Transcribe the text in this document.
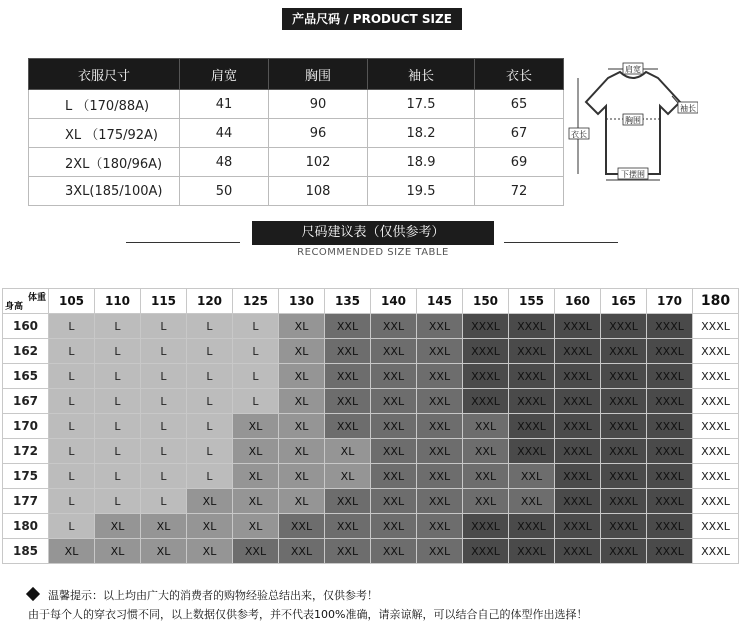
产品尺码 / PRODUCT SIZE
衣服尺寸	肩宽	胸围	袖长	衣长
L （170/88A)	41	90	17.5	65
XL （175/92A)	44	96	18.2	67
2XL（180/96A)	48	102	18.9	69
3XL(185/100A)	50	108	19.5	72
肩宽
袖长
胸围
衣长
下摆围
尺码建议表（仅供参考）
RECOMMENDED SIZE TABLE
体重
身高	105	110	115	120	125	130	135	140	145	150	155	160	165	170	180
160	L	L	L	L	L	XL	XXL	XXL	XXL	XXXL	XXXL	XXXL	XXXL	XXXL	XXXL
162	L	L	L	L	L	XL	XXL	XXL	XXL	XXXL	XXXL	XXXL	XXXL	XXXL	XXXL
165	L	L	L	L	L	XL	XXL	XXL	XXL	XXXL	XXXL	XXXL	XXXL	XXXL	XXXL
167	L	L	L	L	L	XL	XXL	XXL	XXL	XXXL	XXXL	XXXL	XXXL	XXXL	XXXL
170	L	L	L	L	XL	XL	XXL	XXL	XXL	XXL	XXXL	XXXL	XXXL	XXXL	XXXL
172	L	L	L	L	XL	XL	XL	XXL	XXL	XXL	XXXL	XXXL	XXXL	XXXL	XXXL
175	L	L	L	L	XL	XL	XL	XXL	XXL	XXL	XXL	XXXL	XXXL	XXXL	XXXL
177	L	L	L	XL	XL	XL	XXL	XXL	XXL	XXL	XXL	XXXL	XXXL	XXXL	XXXL
180	L	XL	XL	XL	XL	XXL	XXL	XXL	XXL	XXXL	XXXL	XXXL	XXXL	XXXL	XXXL
185	XL	XL	XL	XL	XXL	XXL	XXL	XXL	XXL	XXXL	XXXL	XXXL	XXXL	XXXL	XXXL
温馨提示：以上均由广大的消费者的购物经验总结出来，仅供参考！
由于每个人的穿衣习惯不同，以上数据仅供参考，并不代表100%准确，请亲谅解，可以结合自己的体型作出选择！
